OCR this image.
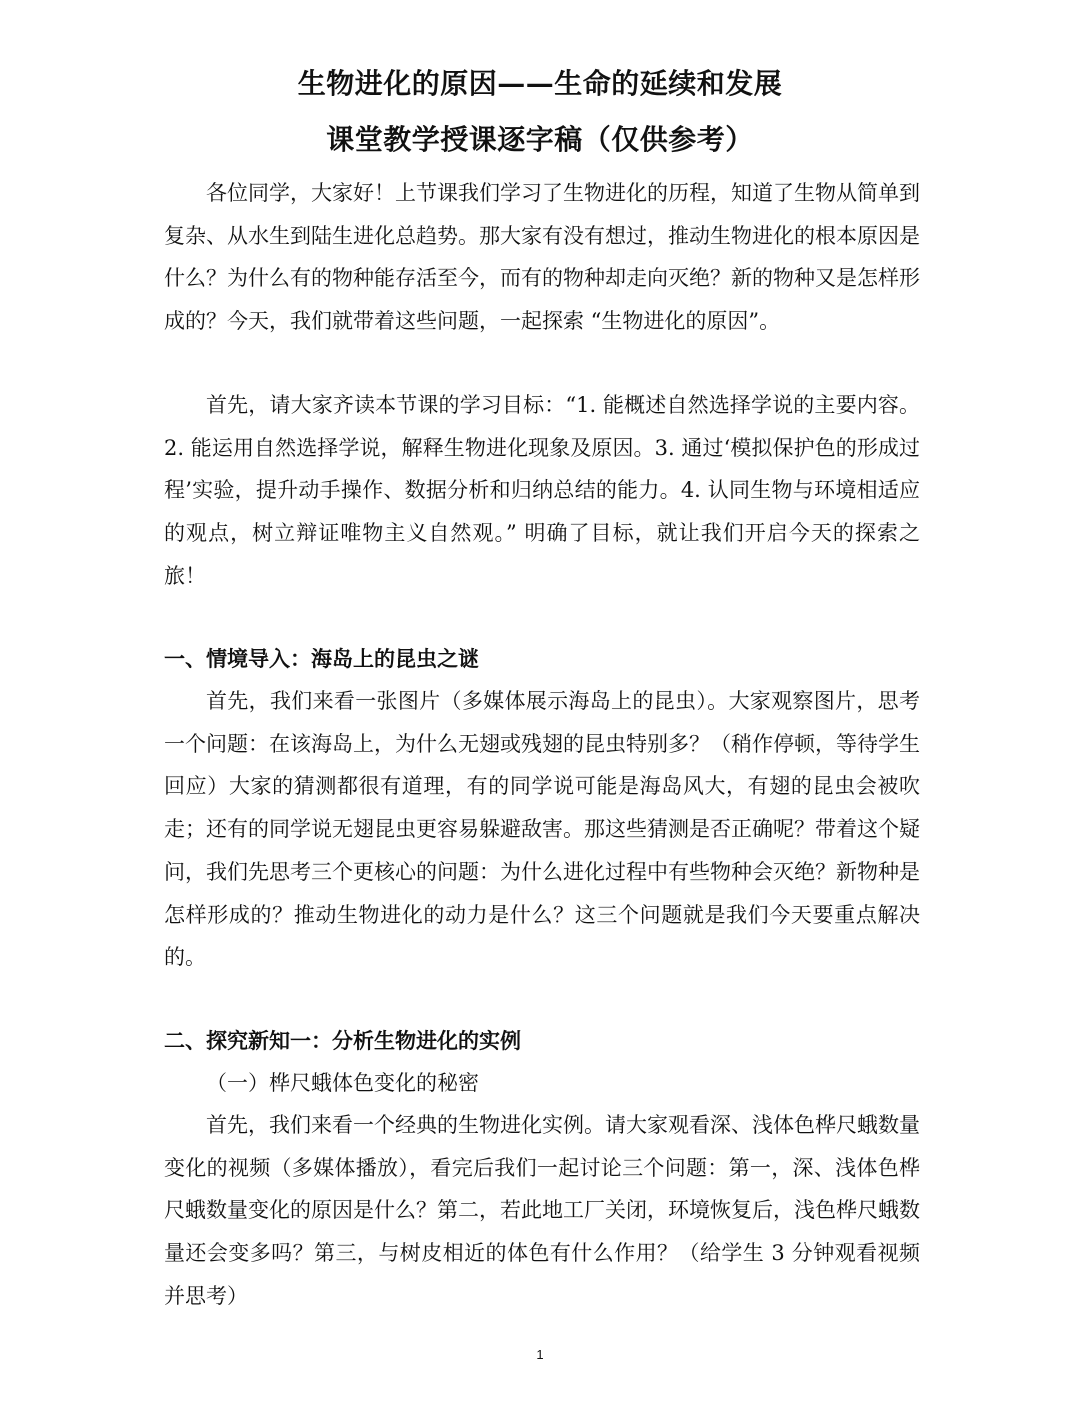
生物进化的原因——生命的延续和发展
课堂教学授课逐字稿（仅供参考）

各位同学，大家好！上节课我们学习了生物进化的历程，知道了生物从简单到复杂、从水生到陆生进化总趋势。那大家有没有想过，推动生物进化的根本原因是什么？为什么有的物种能存活至今，而有的物种却走向灭绝？新的物种又是怎样形成的？今天，我们就带着这些问题，一起探索 “生物进化的原因”。

首先，请大家齐读本节课的学习目标：“1. 能概述自然选择学说的主要内容。2. 能运用自然选择学说，解释生物进化现象及原因。3. 通过‘模拟保护色的形成过程’实验，提升动手操作、数据分析和归纳总结的能力。4. 认同生物与环境相适应的观点，树立辩证唯物主义自然观。” 明确了目标，就让我们开启今天的探索之旅！

一、情境导入：海岛上的昆虫之谜

首先，我们来看一张图片（多媒体展示海岛上的昆虫）。大家观察图片，思考一个问题：在该海岛上，为什么无翅或残翅的昆虫特别多？（稍作停顿，等待学生回应）大家的猜测都很有道理，有的同学说可能是海岛风大，有翅的昆虫会被吹走；还有的同学说无翅昆虫更容易躲避敌害。那这些猜测是否正确呢？带着这个疑问，我们先思考三个更核心的问题：为什么进化过程中有些物种会灭绝？新物种是怎样形成的？推动生物进化的动力是什么？这三个问题就是我们今天要重点解决的。

二、探究新知一：分析生物进化的实例
（一）桦尺蛾体色变化的秘密

首先，我们来看一个经典的生物进化实例。请大家观看深、浅体色桦尺蛾数量变化的视频（多媒体播放），看完后我们一起讨论三个问题：第一，深、浅体色桦尺蛾数量变化的原因是什么？第二，若此地工厂关闭，环境恢复后，浅色桦尺蛾数量还会变多吗？第三，与树皮相近的体色有什么作用？（给学生 3 分钟观看视频并思考）

1
